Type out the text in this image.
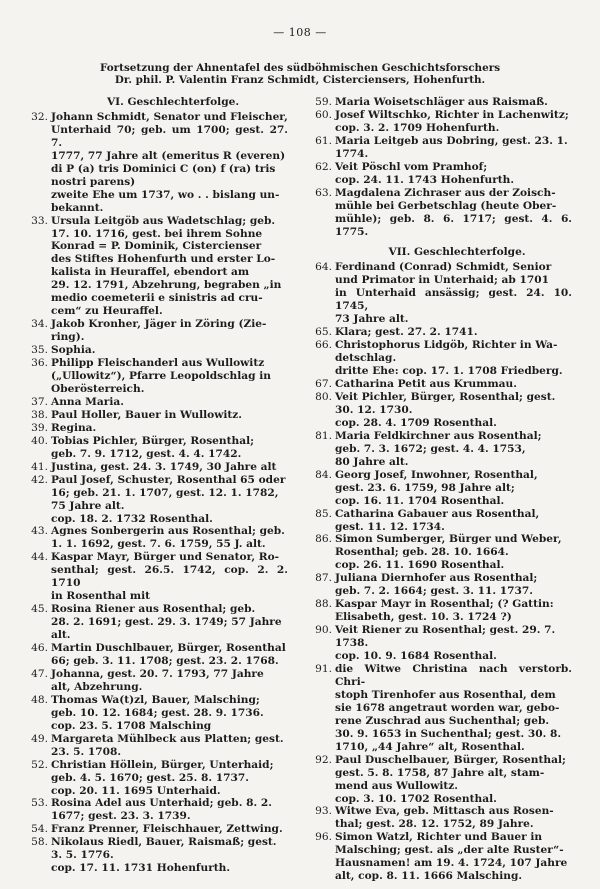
— 108 —
Fortsetzung der Ahnentafel des südböhmischen Geschichtsforschers
Dr. phil. P. Valentin Franz Schmidt, Cisterciensers, Hohenfurth.
VI. Geschlechterfolge.
32. Johann Schmidt, Senator und Fleischer,
Unterhaid 70; geb. um 1700; gest. 27. 7.
1777, 77 Jahre alt (emeritus R (everen)
di P (a) tris Dominici C (on) f (ra) tris
nostri parens)
zweite Ehe um 1737, wo . . bislang un-
bekannt.
33. Ursula Leitgöb aus Wadetschlag; geb.
17. 10. 1716, gest. bei ihrem Sohne
Konrad = P. Dominik, Cistercienser
des Stiftes Hohenfurth und erster Lo-
kalista in Heuraffel, ebendort am
29. 12. 1791, Abzehrung, begraben „in
medio coemeterii e sinistris ad cru-
cem“ zu Heuraffel.
34. Jakob Kronher, Jäger in Zöring (Zie-
ring).
35. Sophia.
36. Philipp Fleischanderl aus Wullowitz
(„Ullowitz“), Pfarre Leopoldschlag in
Oberösterreich.
37. Anna Maria.
38. Paul Holler, Bauer in Wullowitz.
39. Regina.
40. Tobias Pichler, Bürger, Rosenthal;
geb. 7. 9. 1712, gest. 4. 4. 1742.
41. Justina, gest. 24. 3. 1749, 30 Jahre alt
42. Paul Josef, Schuster, Rosenthal 65 oder
16; geb. 21. 1. 1707, gest. 12. 1. 1782,
75 Jahre alt.
cop. 18. 2. 1732 Rosenthal.
43. Agnes Sonbergerin aus Rosenthal; geb.
1. 1. 1692, gest. 7. 6. 1759, 55 J. alt.
44. Kaspar Mayr, Bürger und Senator, Ro-
senthal; gest. 26.5. 1742, cop. 2. 2. 1710
in Rosenthal mit
45. Rosina Riener aus Rosenthal; geb.
28. 2. 1691; gest. 29. 3. 1749; 57 Jahre
alt.
46. Martin Duschlbauer, Bürger, Rosenthal
66; geb. 3. 11. 1708; gest. 23. 2. 1768.
47. Johanna, gest. 20. 7. 1793, 77 Jahre
alt, Abzehrung.
48. Thomas Wa(t)zl, Bauer, Malsching;
geb. 10. 12. 1684; gest. 28. 9. 1736.
cop. 23. 5. 1708 Malsching
49. Margareta Mühlbeck aus Platten; gest.
23. 5. 1708.
52. Christian Höllein, Bürger, Unterhaid;
geb. 4. 5. 1670; gest. 25. 8. 1737.
cop. 20. 11. 1695 Unterhaid.
53. Rosina Adel aus Unterhaid; geb. 8. 2.
1677; gest. 23. 3. 1739.
54. Franz Prenner, Fleischhauer, Zettwing.
58. Nikolaus Riedl, Bauer, Raismaß; gest.
3. 5. 1776.
cop. 17. 11. 1731 Hohenfurth.
59. Maria Woisetschläger aus Raismaß.
60. Josef Wiltschko, Richter in Lachenwitz;
cop. 3. 2. 1709 Hohenfurth.
61. Maria Leitgeb aus Dobring, gest. 23. 1.
1774.
62. Veit Pöschl vom Pramhof;
cop. 24. 11. 1743 Hohenfurth.
63. Magdalena Zichraser aus der Zoisch-
mühle bei Gerbetschlag (heute Ober-
mühle); geb. 8. 6. 1717; gest. 4. 6. 1775.
VII. Geschlechterfolge.
64. Ferdinand (Conrad) Schmidt, Senior
und Primator in Unterhaid; ab 1701
in Unterhaid ansässig; gest. 24. 10. 1745,
73 Jahre alt.
65. Klara; gest. 27. 2. 1741.
66. Christophorus Lidgöb, Richter in Wa-
detschlag.
dritte Ehe: cop. 17. 1. 1708 Friedberg.
67. Catharina Petit aus Krummau.
80. Veit Pichler, Bürger, Rosenthal; gest.
30. 12. 1730.
cop. 28. 4. 1709 Rosenthal.
81. Maria Feldkirchner aus Rosenthal;
geb. 7. 3. 1672; gest. 4. 4. 1753,
80 Jahre alt.
84. Georg Josef, Inwohner, Rosenthal,
gest. 23. 6. 1759, 98 Jahre alt;
cop. 16. 11. 1704 Rosenthal.
85. Catharina Gabauer aus Rosenthal,
gest. 11. 12. 1734.
86. Simon Sumberger, Bürger und Weber,
Rosenthal; geb. 28. 10. 1664.
cop. 26. 11. 1690 Rosenthal.
87. Juliana Diernhofer aus Rosenthal;
geb. 7. 2. 1664; gest. 3. 11. 1737.
88. Kaspar Mayr in Rosenthal; (? Gattin:
Elisabeth, gest. 10. 3. 1724 ?)
90. Veit Riener zu Rosenthal; gest. 29. 7.
1738.
cop. 10. 9. 1684 Rosenthal.
91. die Witwe Christina nach verstorb. Chri-
stoph Tirenhofer aus Rosenthal, dem
sie 1678 angetraut worden war, gebo-
rene Zuschrad aus Suchenthal; geb.
30. 9. 1653 in Suchenthal; gest. 30. 8.
1710, „44 Jahre“ alt, Rosenthal.
92. Paul Duschelbauer, Bürger, Rosenthal;
gest. 5. 8. 1758, 87 Jahre alt, stam-
mend aus Wullowitz.
cop. 3. 10. 1702 Rosenthal.
93. Witwe Eva, geb. Mittasch aus Rosen-
thal; gest. 28. 12. 1752, 89 Jahre.
96. Simon Watzl, Richter und Bauer in
Malsching; gest. als „der alte Ruster“-
Hausnamen! am 19. 4. 1724, 107 Jahre
alt, cop. 8. 11. 1666 Malsching.
